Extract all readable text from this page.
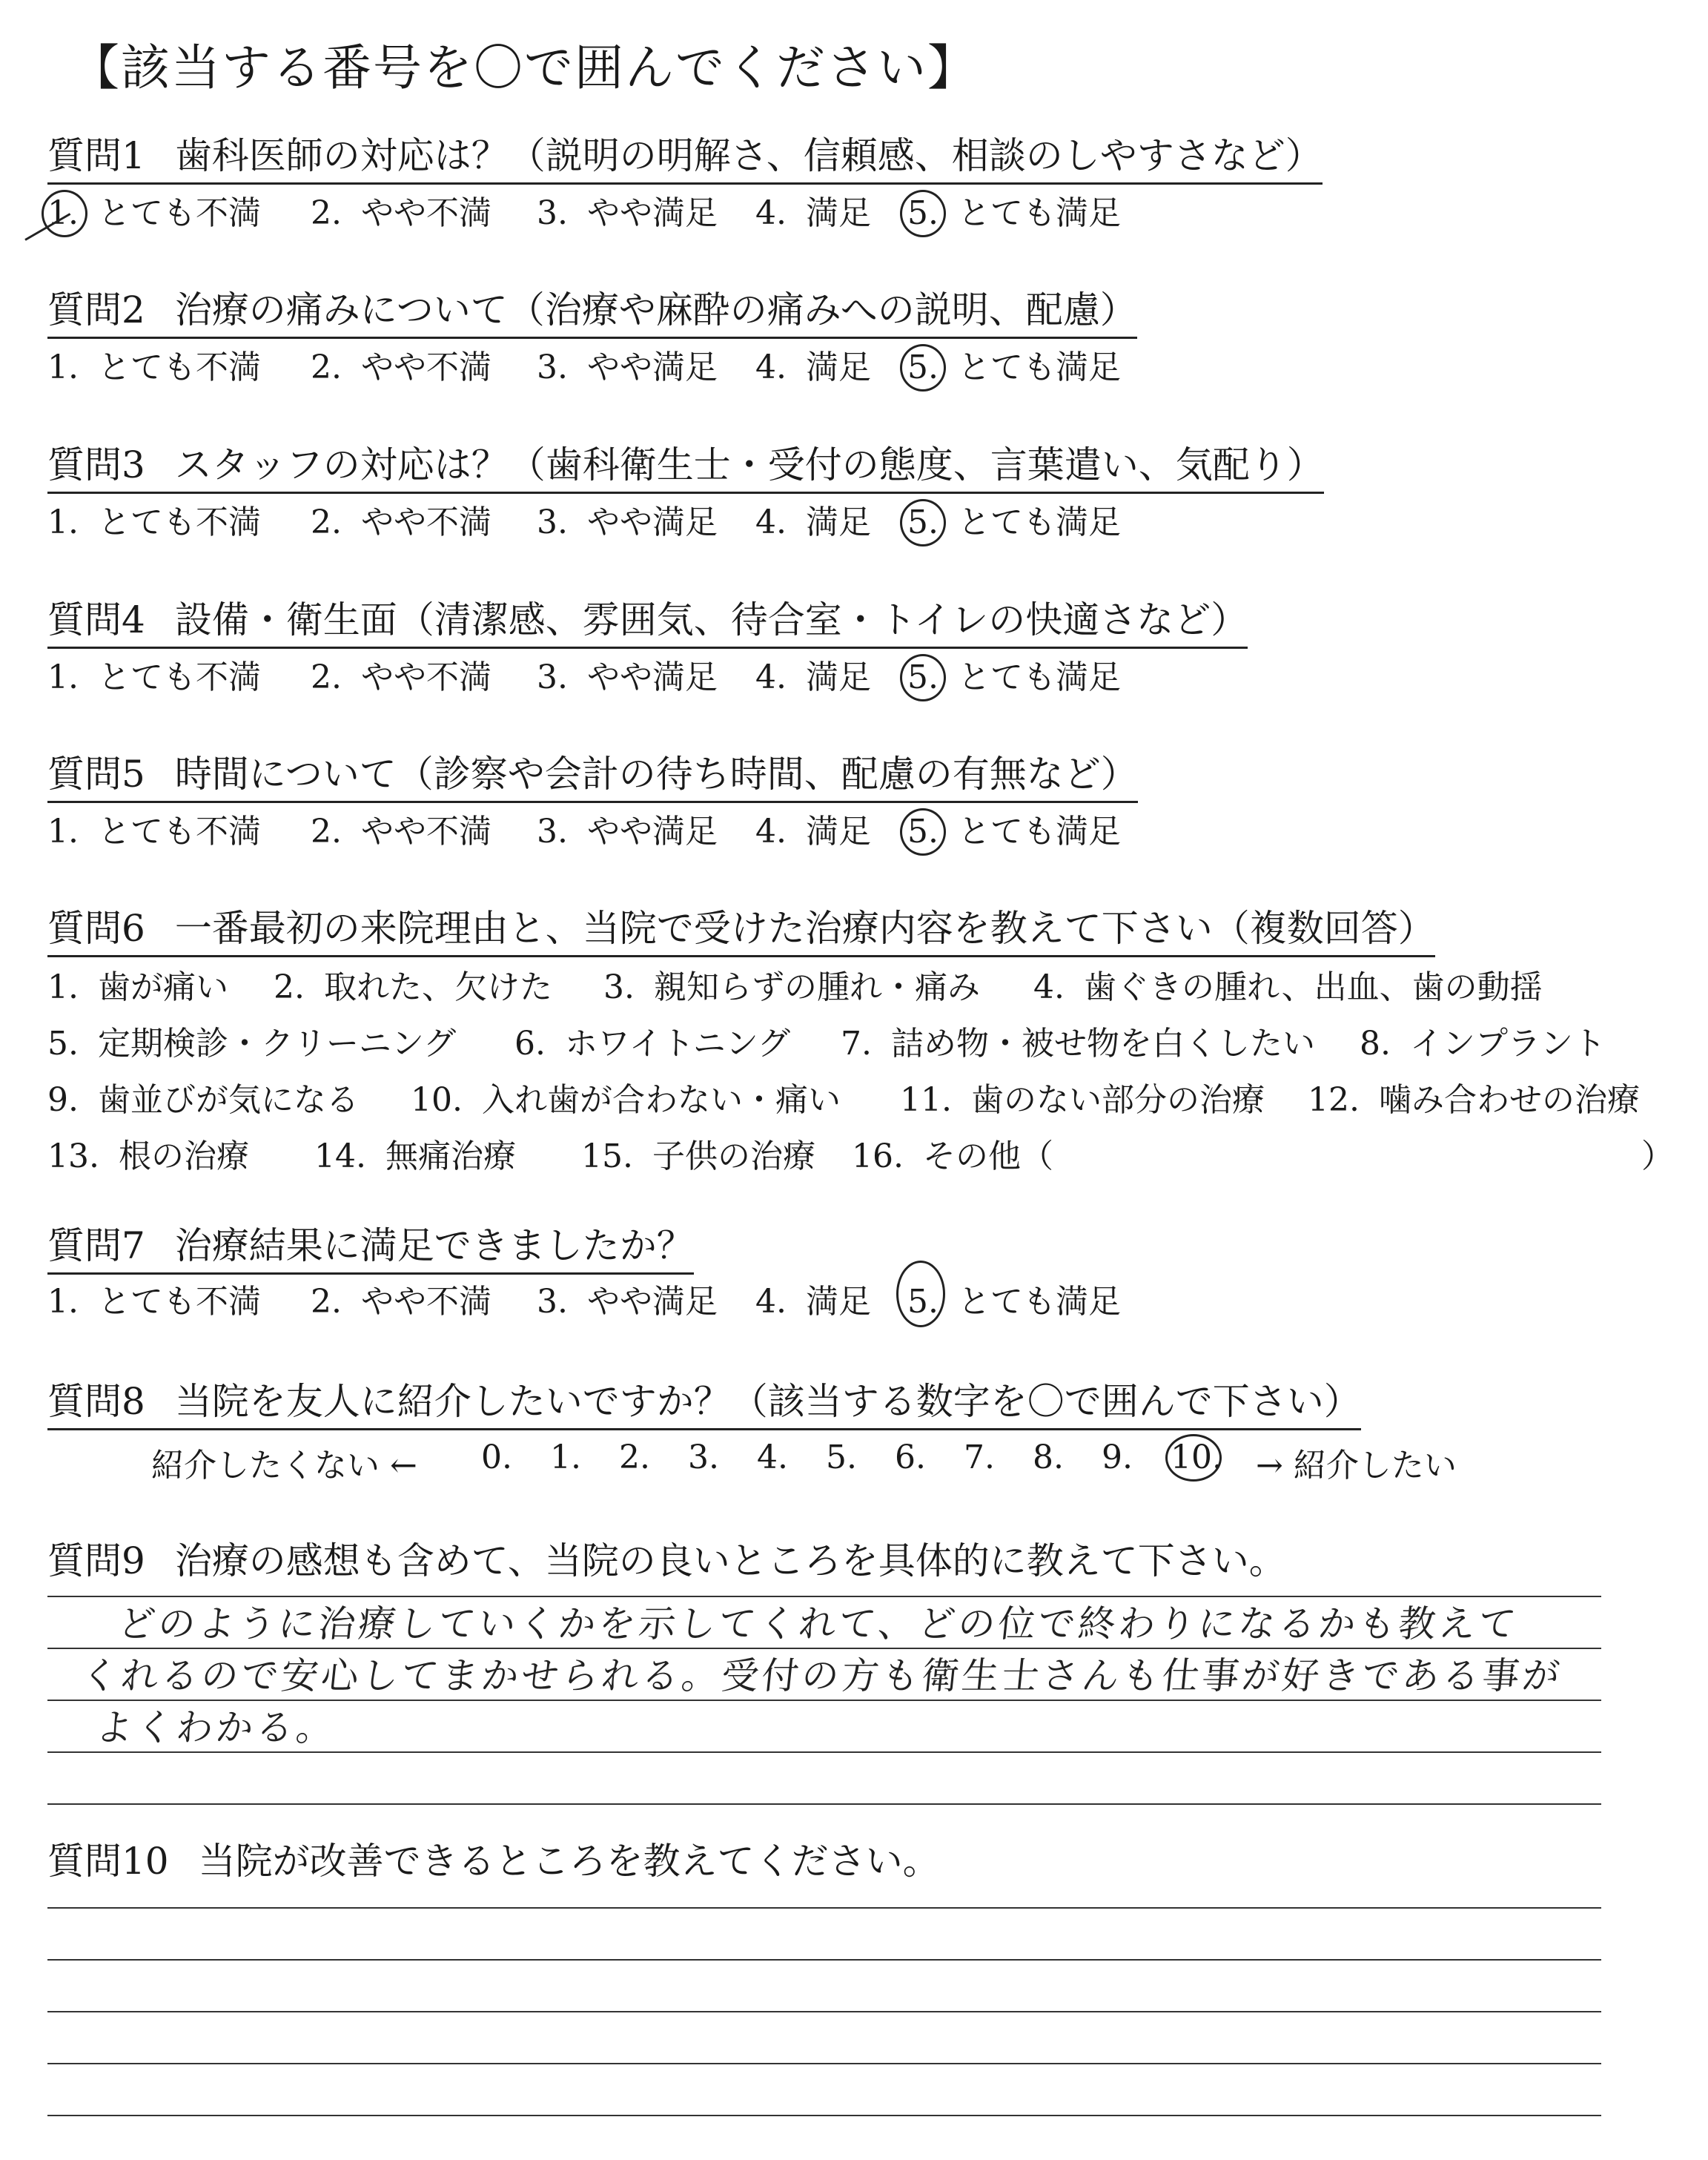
【該当する番号を〇で囲んでください】
質問1 歯科医師の対応は？（説明の明解さ、信頼感、相談のしやすさなど）
1. とても不満 2. やや不満 3. やや満足 4. 満足 5. とても満足
質問2 治療の痛みについて（治療や麻酔の痛みへの説明、配慮）
1. とても不満 2. やや不満 3. やや満足 4. 満足 5. とても満足
質問3 スタッフの対応は？（歯科衛生士・受付の態度、言葉遣い、気配り）
1. とても不満 2. やや不満 3. やや満足 4. 満足 5. とても満足
質問4 設備・衛生面（清潔感、雰囲気、待合室・トイレの快適さなど）
1. とても不満 2. やや不満 3. やや満足 4. 満足 5. とても満足
質問5 時間について（診察や会計の待ち時間、配慮の有無など）
1. とても不満 2. やや不満 3. やや満足 4. 満足 5. とても満足
質問6 一番最初の来院理由と、当院で受けた治療内容を教えて下さい（複数回答）
1. 歯が痛い 2. 取れた、欠けた 3. 親知らずの腫れ・痛み 4. 歯ぐきの腫れ、出血、歯の動揺
5. 定期検診・クリーニング 6. ホワイトニング 7. 詰め物・被せ物を白くしたい 8. インプラント
9. 歯並びが気になる 10. 入れ歯が合わない・痛い 11. 歯のない部分の治療 12. 噛み合わせの治療
13. 根の治療 14. 無痛治療 15. 子供の治療 16. その他（	）
質問7 治療結果に満足できましたか？
1. とても不満 2. やや不満 3. やや満足 4. 満足 5. とても満足
質問8 当院を友人に紹介したいですか？（該当する数字を〇で囲んで下さい）
紹介したくない ← 0. 1. 2. 3. 4. 5. 6. 7. 8. 9. 10. → 紹介したい
質問9 治療の感想も含めて、当院の良いところを具体的に教えて下さい。
どのように治療していくかを示してくれて、どの位で終わりになるかも教えて
くれるので安心してまかせられる。受付の方も衛生士さんも仕事が好きである事が
よくわかる。
質問10 当院が改善できるところを教えてください。
